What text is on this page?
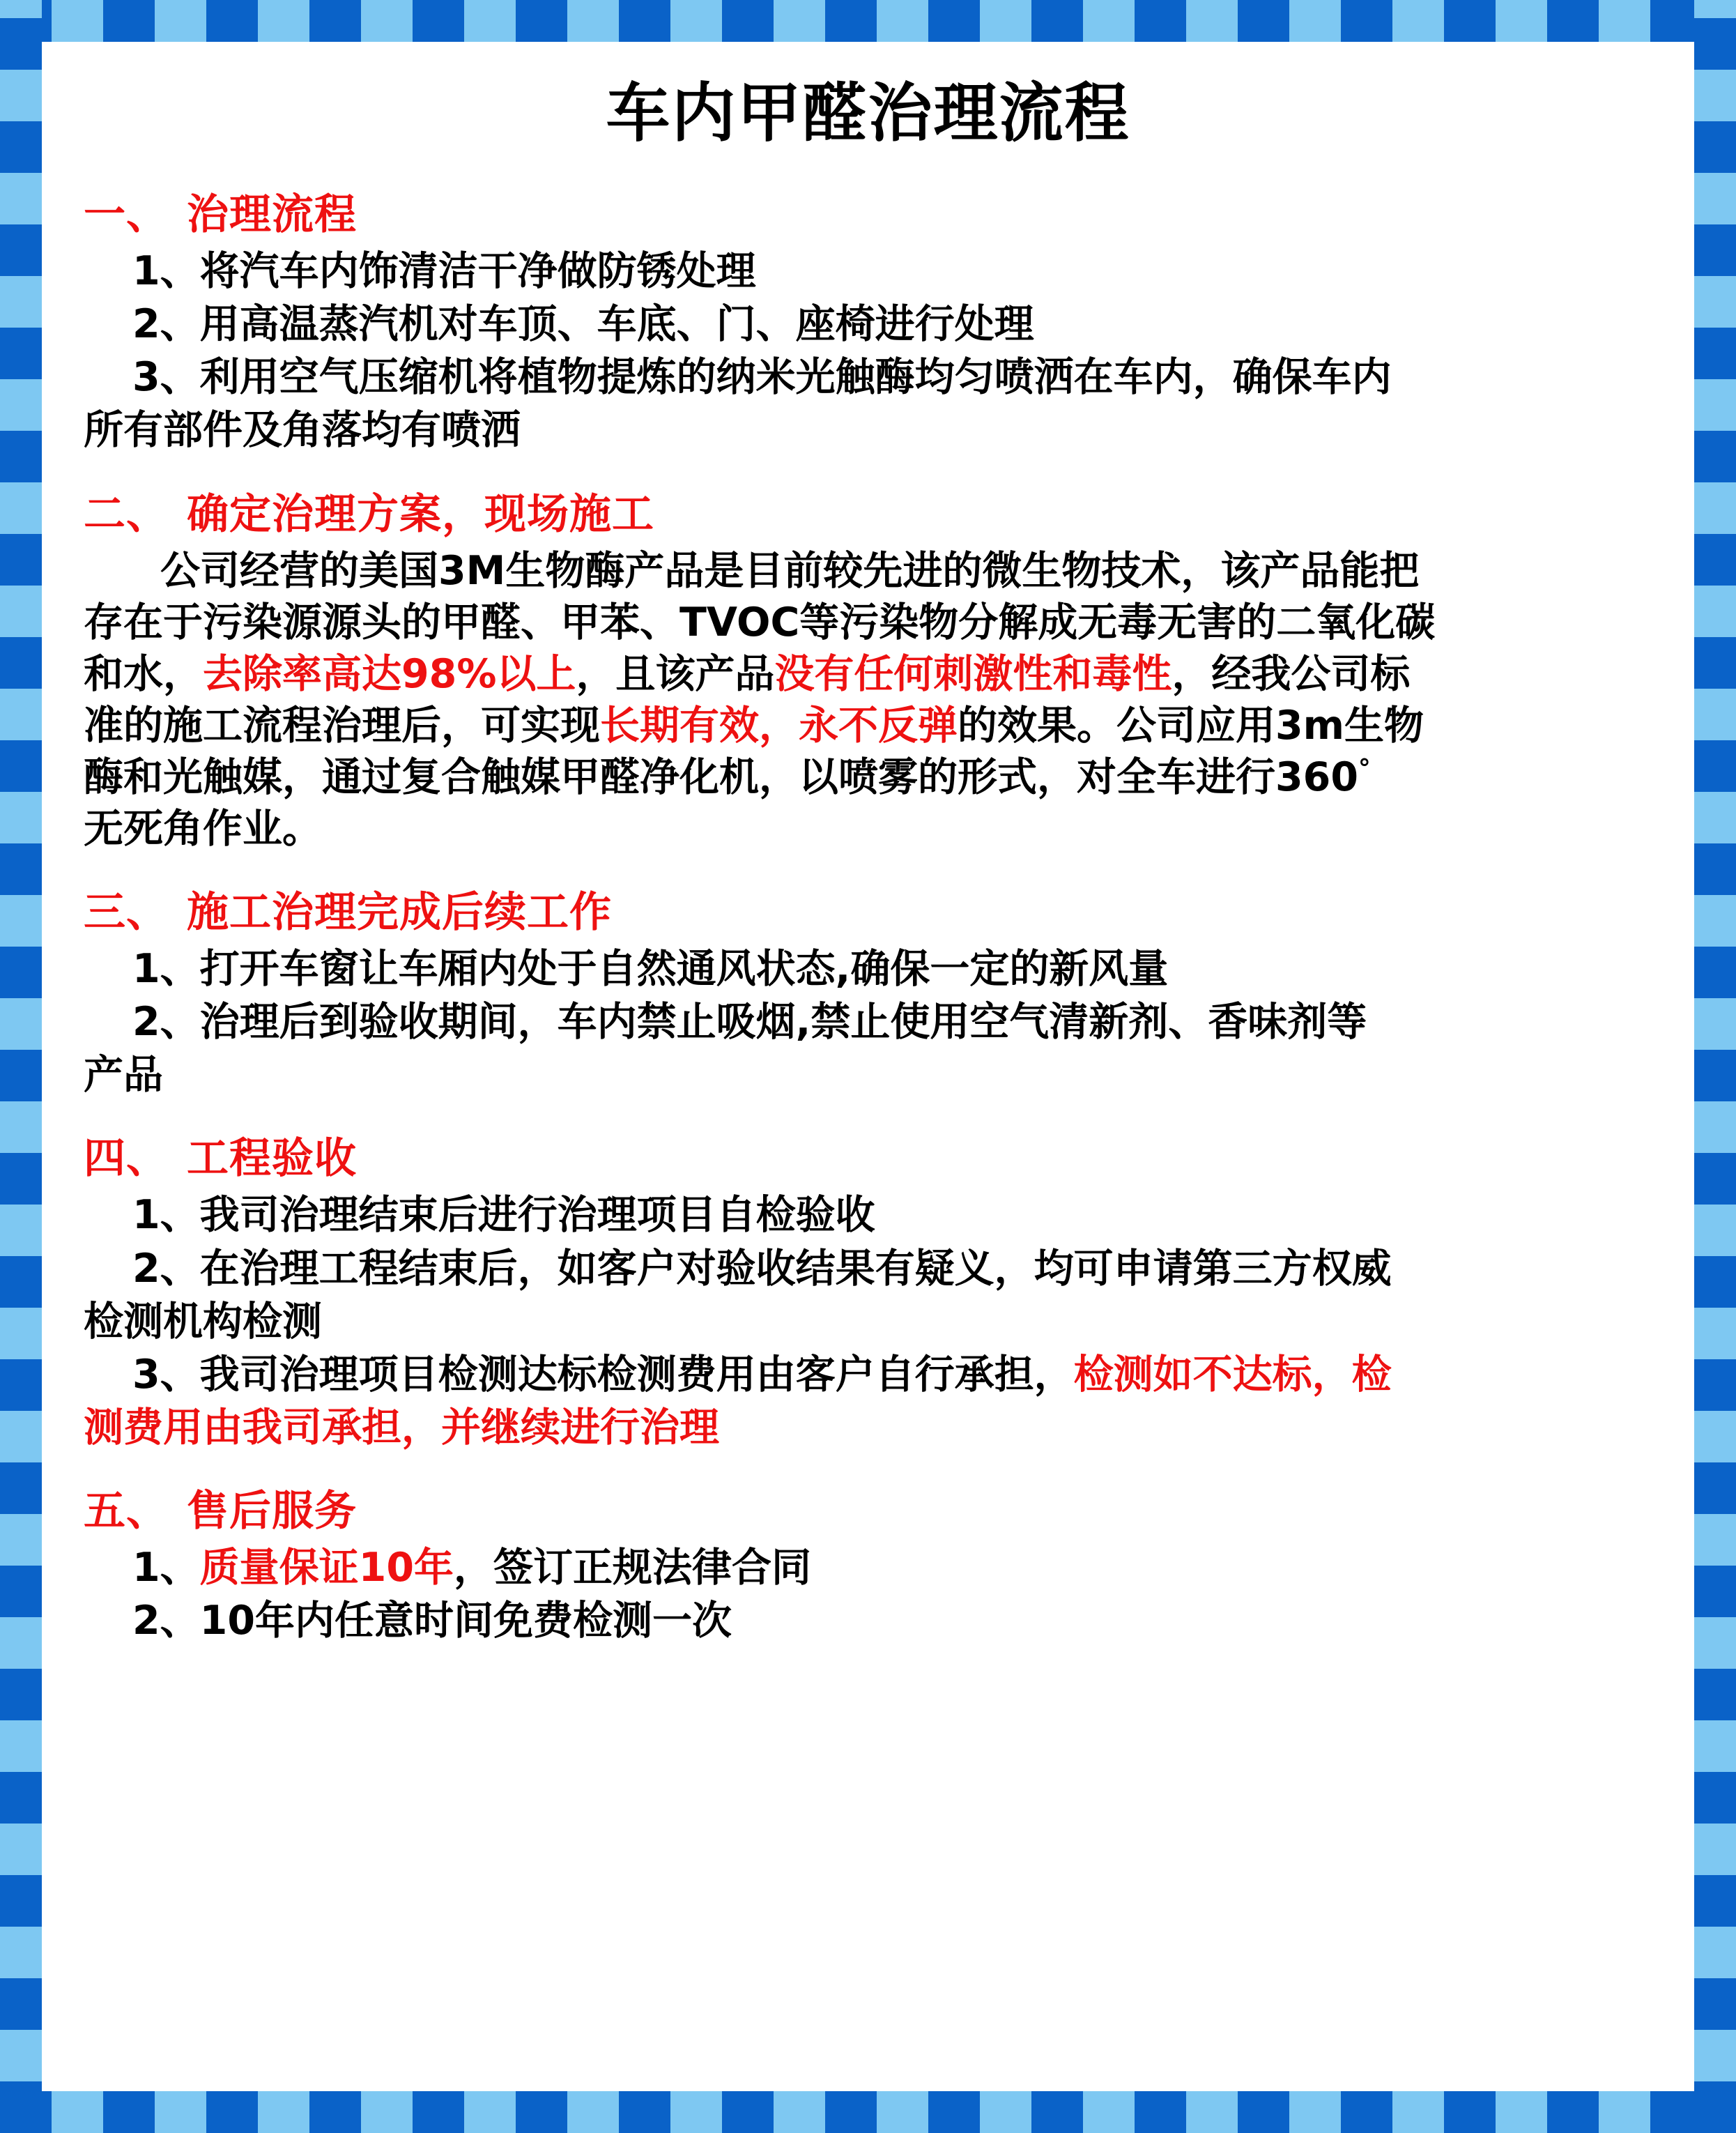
车内甲醛治理流程
一、 治理流程

1、将汽车内饰清洁干净做防锈处理

2、用高温蒸汽机对车顶、车底、门、座椅进行处理

3、利用空气压缩机将植物提炼的纳米光触酶均匀喷洒在车内，确保车内

所有部件及角落均有喷洒

二、 确定治理方案，现场施工

公司经营的美国3M生物酶产品是目前较先进的微生物技术，该产品能把

存在于污染源源头的甲醛、甲苯、TVOC等污染物分解成无毒无害的二氧化碳

和水，去除率高达98%以上，且该产品没有任何刺激性和毒性，经我公司标

准的施工流程治理后，可实现长期有效，永不反弹的效果。公司应用3m生物

酶和光触媒，通过复合触媒甲醛净化机，以喷雾的形式，对全车进行360°

无死角作业。

三、 施工治理完成后续工作

1、打开车窗让车厢内处于自然通风状态,确保一定的新风量

2、治理后到验收期间，车内禁止吸烟,禁止使用空气清新剂、香味剂等

产品

四、 工程验收

1、我司治理结束后进行治理项目自检验收

2、在治理工程结束后，如客户对验收结果有疑义，均可申请第三方权威

检测机构检测

3、我司治理项目检测达标检测费用由客户自行承担，检测如不达标，检

测费用由我司承担，并继续进行治理

五、 售后服务

1、质量保证10年，签订正规法律合同

2、10年内任意时间免费检测一次
